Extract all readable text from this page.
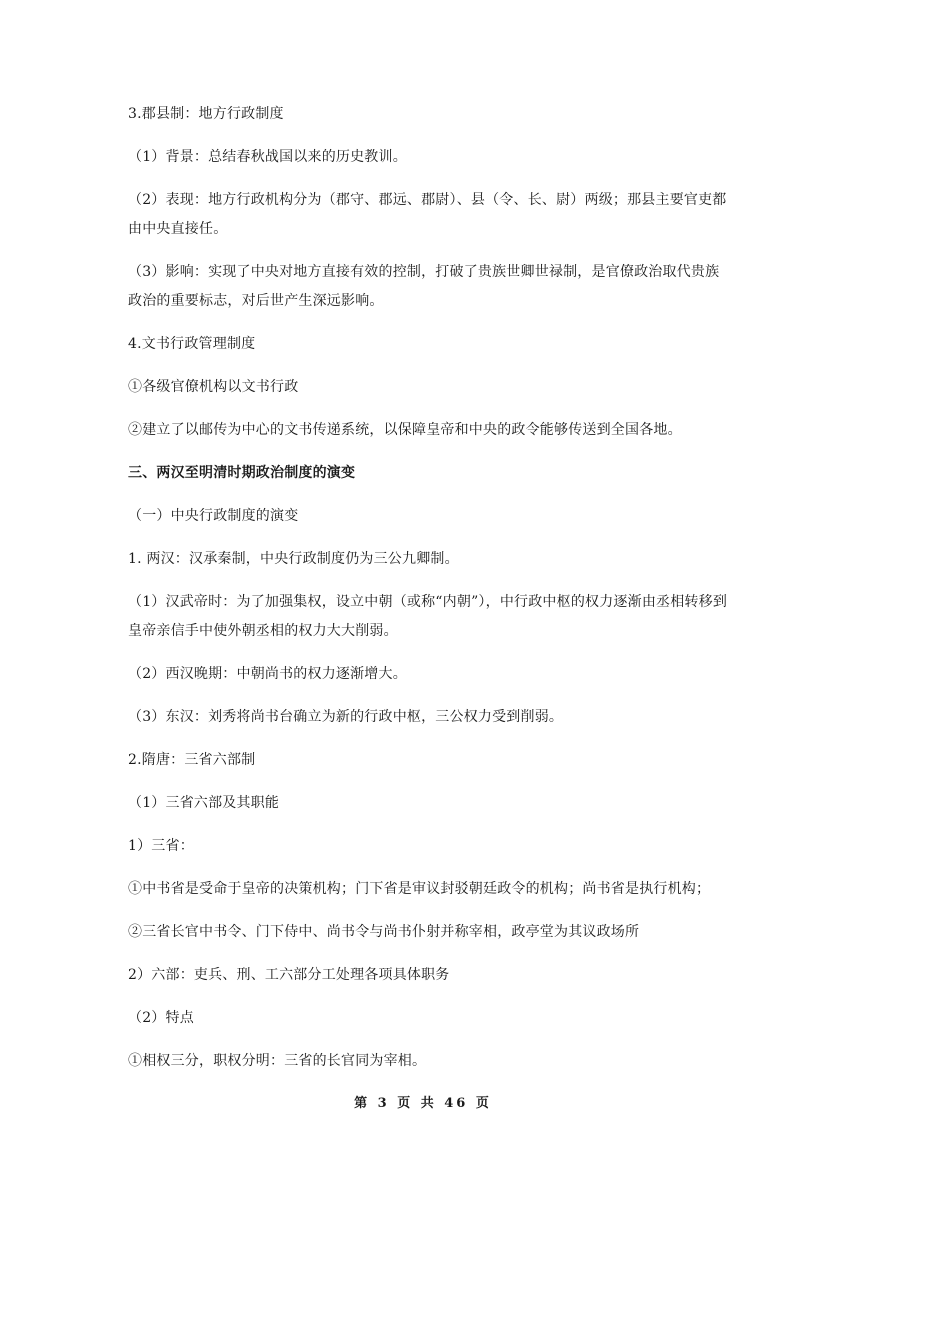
3.郡县制：地方行政制度

（1）背景：总结春秋战国以来的历史教训。

（2）表现：地方行政机构分为（郡守、郡远、郡尉）、县（令、长、尉）两级；那县主要官吏都由中央直接任。

（3）影响：实现了中央对地方直接有效的控制，打破了贵族世卿世禄制，是官僚政治取代贵族政治的重要标志，对后世产生深远影响。

4.文书行政管理制度

①各级官僚机构以文书行政

②建立了以邮传为中心的文书传递系统，以保障皇帝和中央的政令能够传送到全国各地。

三、两汉至明清时期政治制度的演变

（一）中央行政制度的演变

1. 两汉：汉承秦制，中央行政制度仍为三公九卿制。

（1）汉武帝时：为了加强集权，设立中朝（或称“内朝”），中行政中枢的权力逐渐由丞相转移到皇帝亲信手中使外朝丞相的权力大大削弱。

（2）西汉晚期：中朝尚书的权力逐渐增大。

（3）东汉：刘秀将尚书台确立为新的行政中枢，三公权力受到削弱。

2.隋唐：三省六部制

（1）三省六部及其职能

1）三省：

①中书省是受命于皇帝的决策机构；门下省是审议封驳朝廷政令的机构；尚书省是执行机构；

②三省长官中书令、门下侍中、尚书令与尚书仆射并称宰相，政亭堂为其议政场所

2）六部：吏兵、刑、工六部分工处理各项具体职务

（2）特点

①相权三分，职权分明：三省的长官同为宰相。

第 3 页 共 46 页
